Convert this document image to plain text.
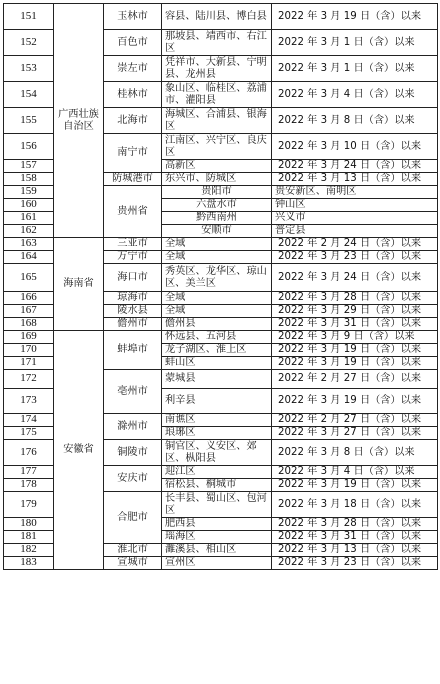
151	广西壮族自治区	玉林市	容县、陆川县、博白县	2022 年 3 月 19 日（含）以来	
152		百色市	那坡县、靖西市、右江区	2022 年 3 月 1 日（含）以来	
153		崇左市	凭祥市、大新县、宁明县、龙州县	2022 年 3 月 1 日（含）以来	
154		桂林市	象山区、临桂区、荔浦市、灌阳县	2022 年 3 月 4 日（含）以来	
155		北海市	海城区、合浦县、银海区	2022 年 3 月 8 日（含）以来	
156		南宁市	江南区、兴宁区、良庆区	2022 年 3 月 10 日（含）以来	
157			高新区	2022 年 3 月 24 日（含）以来	
158		防城港市	东兴市、防城区	2022 年 3 月 13 日（含）以来	
159		贵州省	贵阳市	贵安新区、南明区	
160			六盘水市	钟山区	
161			黔西南州	兴义市	
162			安顺市	普定县	
163	海南省	三亚市	全域	2022 年 2 月 24 日（含）以来	
164		万宁市	全域	2022 年 3 月 23 日（含）以来	
165		海口市	秀英区、龙华区、琼山区、美兰区	2022 年 3 月 24 日（含）以来	
166		琼海市	全域	2022 年 3 月 28 日（含）以来	
167		陵水县	全域	2022 年 3 月 29 日（含）以来	
168		儋州市	儋州县	2022 年 3 月 31 日（含）以来	
169	安徽省	蚌埠市	怀远县、五河县	2022 年 3 月 9 日（含）以来	
170			龙子湖区、淮上区	2022 年 3 月 19 日（含）以来	
171			蚌山区	2022 年 3 月 19 日（含）以来	
172		亳州市	蒙城县	2022 年 2 月 27 日（含）以来	
173			利辛县	2022 年 3 月 19 日（含）以来	
174		滁州市	南谯区	2022 年 2 月 27 日（含）以来	
175			琅琊区	2022 年 3 月 27 日（含）以来	
176		铜陵市	铜官区、义安区、郊区、枞阳县	2022 年 3 月 8 日（含）以来	
177		安庆市	迎江区	2022 年 3 月 4 日（含）以来	
178			宿松县、桐城市	2022 年 3 月 19 日（含）以来	
179		合肥市	长丰县、蜀山区、包河区	2022 年 3 月 18 日（含）以来	
180			肥西县	2022 年 3 月 28 日（含）以来	
181			瑶海区	2022 年 3 月 31 日（含）以来	
182		淮北市	濉溪县、相山区	2022 年 3 月 13 日（含）以来	
183		宣城市	宣州区	2022 年 3 月 23 日（含）以来	
